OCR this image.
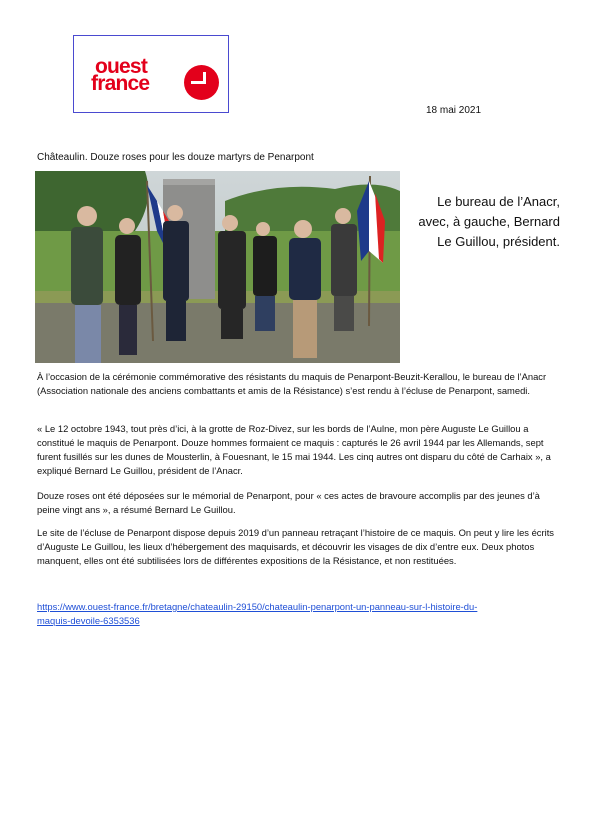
ouest
france
18 mai 2021
Châteaulin. Douze roses pour les douze martyrs de Penarpont
Le bureau de l’Anacr,
avec, à gauche, Bernard
Le Guillou, président.

À l’occasion de la cérémonie commémorative des résistants du maquis de Penarpont-Beuzit-Kerallou, le bureau de l’Anacr (Association nationale des anciens combattants et amis de la Résistance) s’est rendu à l’écluse de Penarpont, samedi.

« Le 12 octobre 1943, tout près d’ici, à la grotte de Roz-Divez, sur les bords de l’Aulne, mon père Auguste Le Guillou a constitué le maquis de Penarpont. Douze hommes formaient ce maquis : capturés le 26 avril 1944 par les Allemands, sept furent fusillés sur les dunes de Mousterlin, à Fouesnant, le 15 mai 1944. Les cinq autres ont disparu du côté de Carhaix », a expliqué Bernard Le Guillou, président de l’Anacr.

Douze roses ont été déposées sur le mémorial de Penarpont, pour « ces actes de bravoure accomplis par des jeunes d’à peine vingt ans », a résumé Bernard Le Guillou.

Le site de l’écluse de Penarpont dispose depuis 2019 d’un panneau retraçant l’histoire de ce maquis. On peut y lire les écrits d’Auguste Le Guillou, les lieux d’hébergement des maquisards, et découvrir les visages de dix d’entre eux. Deux photos manquent, elles ont été subtilisées lors de différentes expositions de la Résistance, et non restituées.

https://www.ouest-france.fr/bretagne/chateaulin-29150/chateaulin-penarpont-un-panneau-sur-l-histoire-du-
maquis-devoile-6353536
